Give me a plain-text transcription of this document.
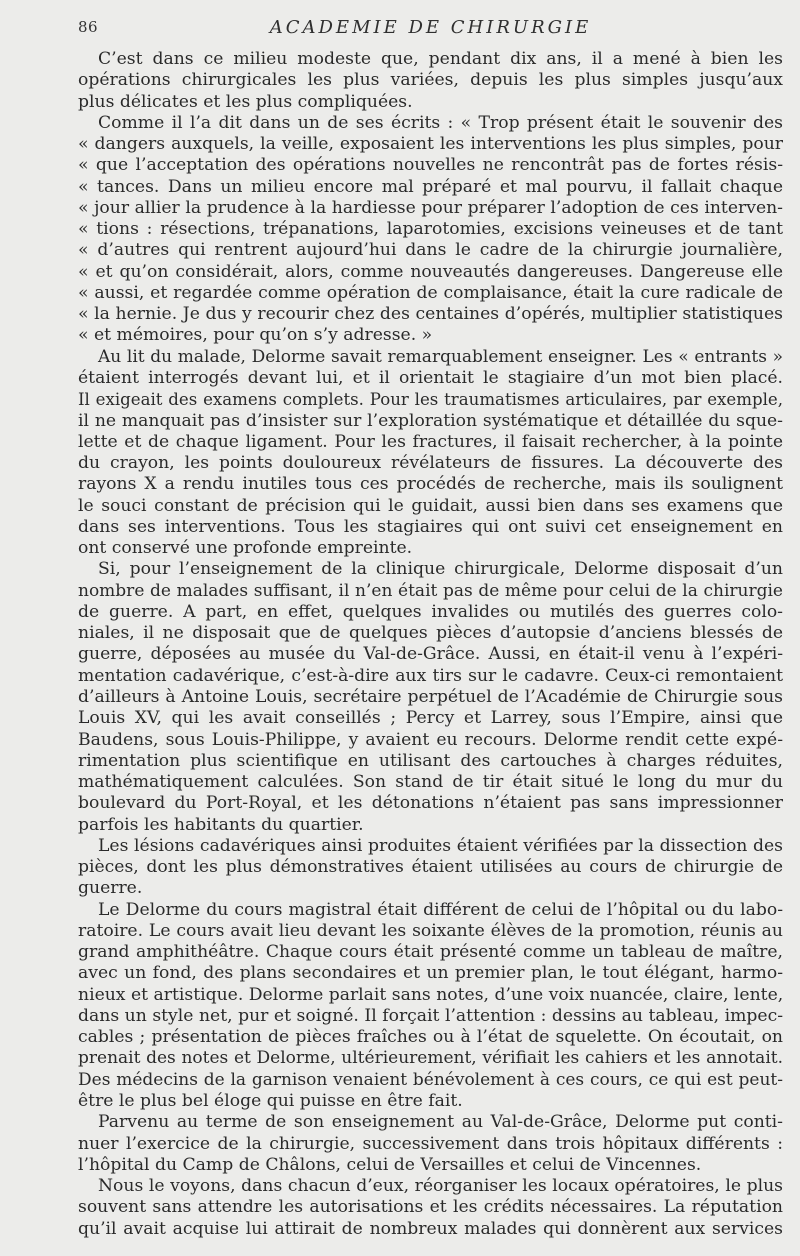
86	ACADEMIE DE CHIRURGIE
C’est dans ce milieu modeste que, pendant dix ans, il a mené à bien les
opérations chirurgicales les plus variées, depuis les plus simples jusqu’aux
plus délicates et les plus compliquées.
Comme il l’a dit dans un de ses écrits : « Trop présent était le souvenir des
« dangers auxquels, la veille, exposaient les interventions les plus simples, pour
« que l’acceptation des opérations nouvelles ne rencontrât pas de fortes résis-
« tances. Dans un milieu encore mal préparé et mal pourvu, il fallait chaque
« jour allier la prudence à la hardiesse pour préparer l’adoption de ces interven-
« tions : résections, trépanations, laparotomies, excisions veineuses et de tant
« d’autres qui rentrent aujourd’hui dans le cadre de la chirurgie journalière,
« et qu’on considérait, alors, comme nouveautés dangereuses. Dangereuse elle
« aussi, et regardée comme opération de complaisance, était la cure radicale de
« la hernie. Je dus y recourir chez des centaines d’opérés, multiplier statistiques
« et mémoires, pour qu’on s’y adresse. »
Au lit du malade, Delorme savait remarquablement enseigner. Les « entrants »
étaient interrogés devant lui, et il orientait le stagiaire d’un mot bien placé.
Il exigeait des examens complets. Pour les traumatismes articulaires, par exemple,
il ne manquait pas d’insister sur l’exploration systématique et détaillée du sque-
lette et de chaque ligament. Pour les fractures, il faisait rechercher, à la pointe
du crayon, les points douloureux révélateurs de fissures. La découverte des
rayons X a rendu inutiles tous ces procédés de recherche, mais ils soulignent
le souci constant de précision qui le guidait, aussi bien dans ses examens que
dans ses interventions. Tous les stagiaires qui ont suivi cet enseignement en
ont conservé une profonde empreinte.
Si, pour l’enseignement de la clinique chirurgicale, Delorme disposait d’un
nombre de malades suffisant, il n’en était pas de même pour celui de la chirurgie
de guerre. A part, en effet, quelques invalides ou mutilés des guerres colo-
niales, il ne disposait que de quelques pièces d’autopsie d’anciens blessés de
guerre, déposées au musée du Val-de-Grâce. Aussi, en était-il venu à l’expéri-
mentation cadavérique, c’est-à-dire aux tirs sur le cadavre. Ceux-ci remontaient
d’ailleurs à Antoine Louis, secrétaire perpétuel de l’Académie de Chirurgie sous
Louis XV, qui les avait conseillés ; Percy et Larrey, sous l’Empire, ainsi que
Baudens, sous Louis-Philippe, y avaient eu recours. Delorme rendit cette expé-
rimentation plus scientifique en utilisant des cartouches à charges réduites,
mathématiquement calculées. Son stand de tir était situé le long du mur du
boulevard du Port-Royal, et les détonations n’étaient pas sans impressionner
parfois les habitants du quartier.
Les lésions cadavériques ainsi produites étaient vérifiées par la dissection des
pièces, dont les plus démonstratives étaient utilisées au cours de chirurgie de
guerre.
Le Delorme du cours magistral était différent de celui de l’hôpital ou du labo-
ratoire. Le cours avait lieu devant les soixante élèves de la promotion, réunis au
grand amphithéâtre. Chaque cours était présenté comme un tableau de maître,
avec un fond, des plans secondaires et un premier plan, le tout élégant, harmo-
nieux et artistique. Delorme parlait sans notes, d’une voix nuancée, claire, lente,
dans un style net, pur et soigné. Il forçait l’attention : dessins au tableau, impec-
cables ; présentation de pièces fraîches ou à l’état de squelette. On écoutait, on
prenait des notes et Delorme, ultérieurement, vérifiait les cahiers et les annotait.
Des médecins de la garnison venaient bénévolement à ces cours, ce qui est peut-
être le plus bel éloge qui puisse en être fait.
Parvenu au terme de son enseignement au Val-de-Grâce, Delorme put conti-
nuer l’exercice de la chirurgie, successivement dans trois hôpitaux différents :
l’hôpital du Camp de Châlons, celui de Versailles et celui de Vincennes.
Nous le voyons, dans chacun d’eux, réorganiser les locaux opératoires, le plus
souvent sans attendre les autorisations et les crédits nécessaires. La réputation
qu’il avait acquise lui attirait de nombreux malades qui donnèrent aux services
